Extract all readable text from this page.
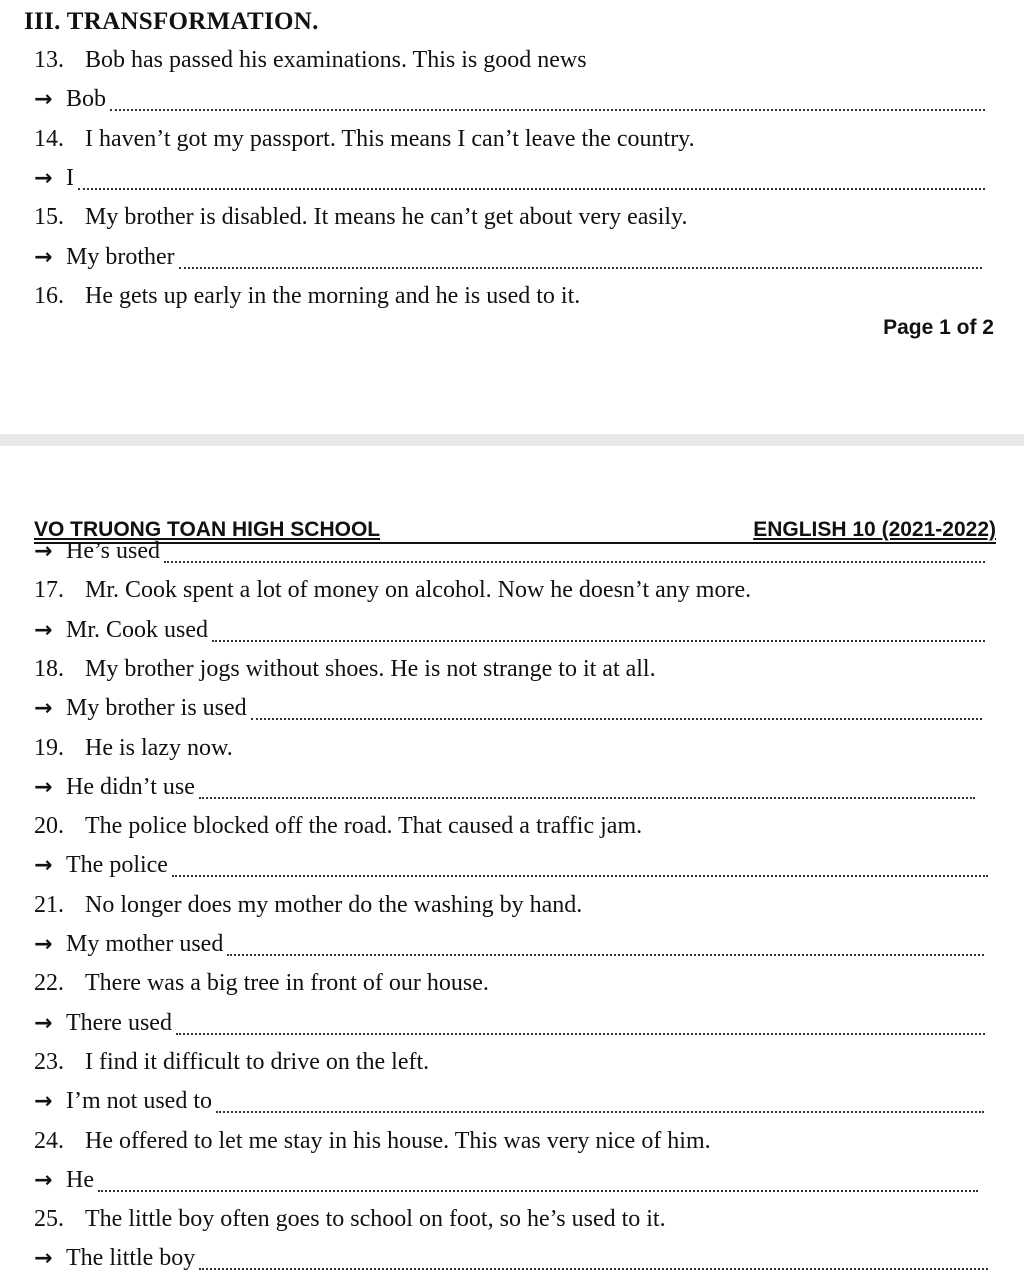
III. TRANSFORMATION.
13. Bob has passed his examinations. This is good news
→ Bob
14. I haven’t got my passport. This means I can’t leave the country.
→ I
15. My brother is disabled. It means he can’t get about very easily.
→ My brother
16. He gets up early in the morning and he is used to it.
Page 1 of 2
VO TRUONG TOAN HIGH SCHOOL	ENGLISH 10 (2021-2022)
→ He’s used
17. Mr. Cook spent a lot of money on alcohol. Now he doesn’t any more.
→ Mr. Cook used
18. My brother jogs without shoes. He is not strange to it at all.
→ My brother is used
19. He is lazy now.
→ He didn’t use
20. The police blocked off the road. That caused a traffic jam.
→ The police
21. No longer does my mother do the washing by hand.
→ My mother used
22. There was a big tree in front of our house.
→ There used
23. I find it difficult to drive on the left.
→ I’m not used to
24. He offered to let me stay in his house. This was very nice of him.
→ He
25. The little boy often goes to school on foot, so he’s used to it.
→ The little boy
